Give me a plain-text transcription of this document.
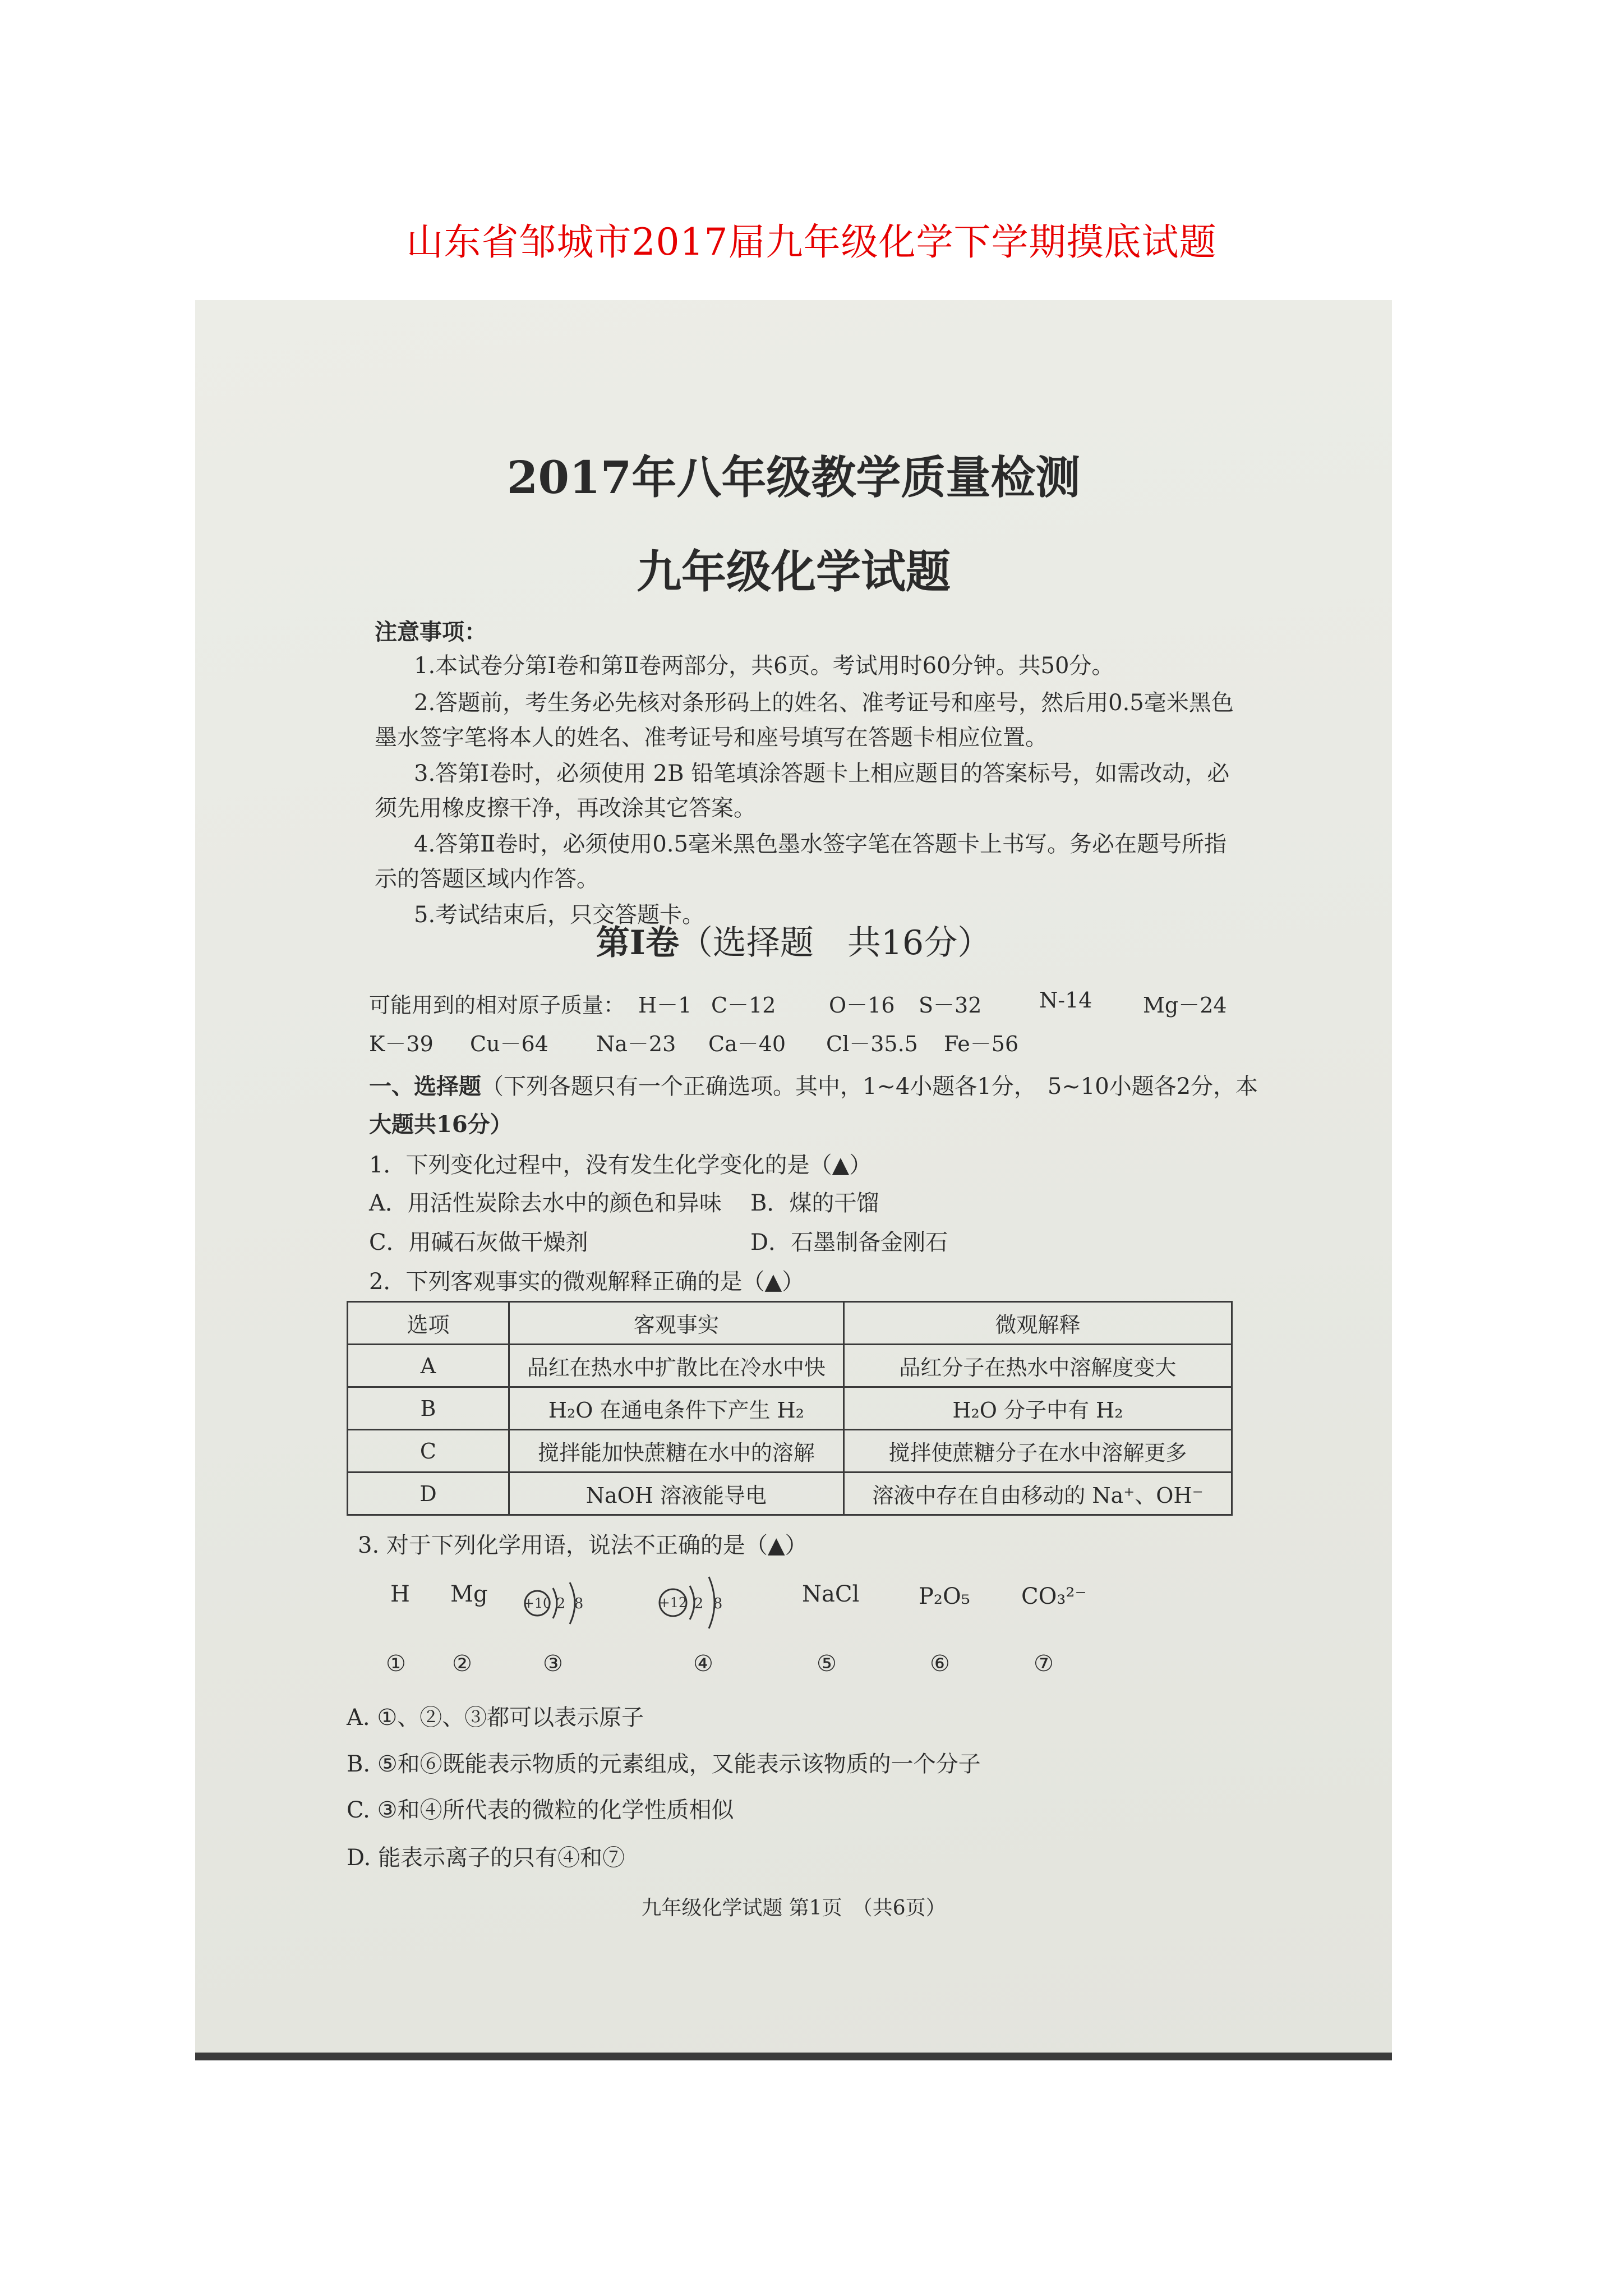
山东省邹城市2017届九年级化学下学期摸底试题
2017年八年级教学质量检测
九年级化学试题
注意事项：
1.本试卷分第Ⅰ卷和第Ⅱ卷两部分，共6页。考试用时60分钟。共50分。
2.答题前，考生务必先核对条形码上的姓名、准考证号和座号，然后用0.5毫米黑色
墨水签字笔将本人的姓名、准考证号和座号填写在答题卡相应位置。
3.答第Ⅰ卷时，必须使用 2B 铅笔填涂答题卡上相应题目的答案标号，如需改动，必
须先用橡皮擦干净，再改涂其它答案。
4.答第Ⅱ卷时，必须使用0.5毫米黑色墨水签字笔在答题卡上书写。务必在题号所指
示的答题区域内作答。
5.考试结束后，只交答题卡。
第Ⅰ卷（选择题　共16分）
可能用到的相对原子质量： H－1 C－12 O－16 S－32	N-14 Mg－24
K－39 Cu－64 Na－23 Ca－40 Cl－35.5 Fe－56
一、选择题（下列各题只有一个正确选项。其中，1~4小题各1分，　5~10小题各2分，本
大题共16分）
1．下列变化过程中，没有发生化学变化的是（▲）
A．用活性炭除去水中的颜色和异味 B．煤的干馏
C．用碱石灰做干燥剂	D．石墨制备金刚石
2．下列客观事实的微观解释正确的是（▲）
选项	客观事实	微观解释
A	品红在热水中扩散比在冷水中快	品红分子在热水中溶解度变大
B	H₂O 在通电条件下产生 H₂	H₂O 分子中有 H₂
C	搅拌能加快蔗糖在水中的溶解	搅拌使蔗糖分子在水中溶解更多
D	NaOH 溶液能导电	溶液中存在自由移动的 Na⁺、OH⁻
3. 对于下列化学用语，说法不正确的是（▲）
H Mg	+10 2 8	+12 2 8	NaCl	P₂O₅ CO₃²⁻
① ②	③	④	⑤	⑥	⑦
A. ①、②、③都可以表示原子
B. ⑤和⑥既能表示物质的元素组成，又能表示该物质的一个分子
C. ③和④所代表的微粒的化学性质相似
D. 能表示离子的只有④和⑦
九年级化学试题 第1页　（共6页）
